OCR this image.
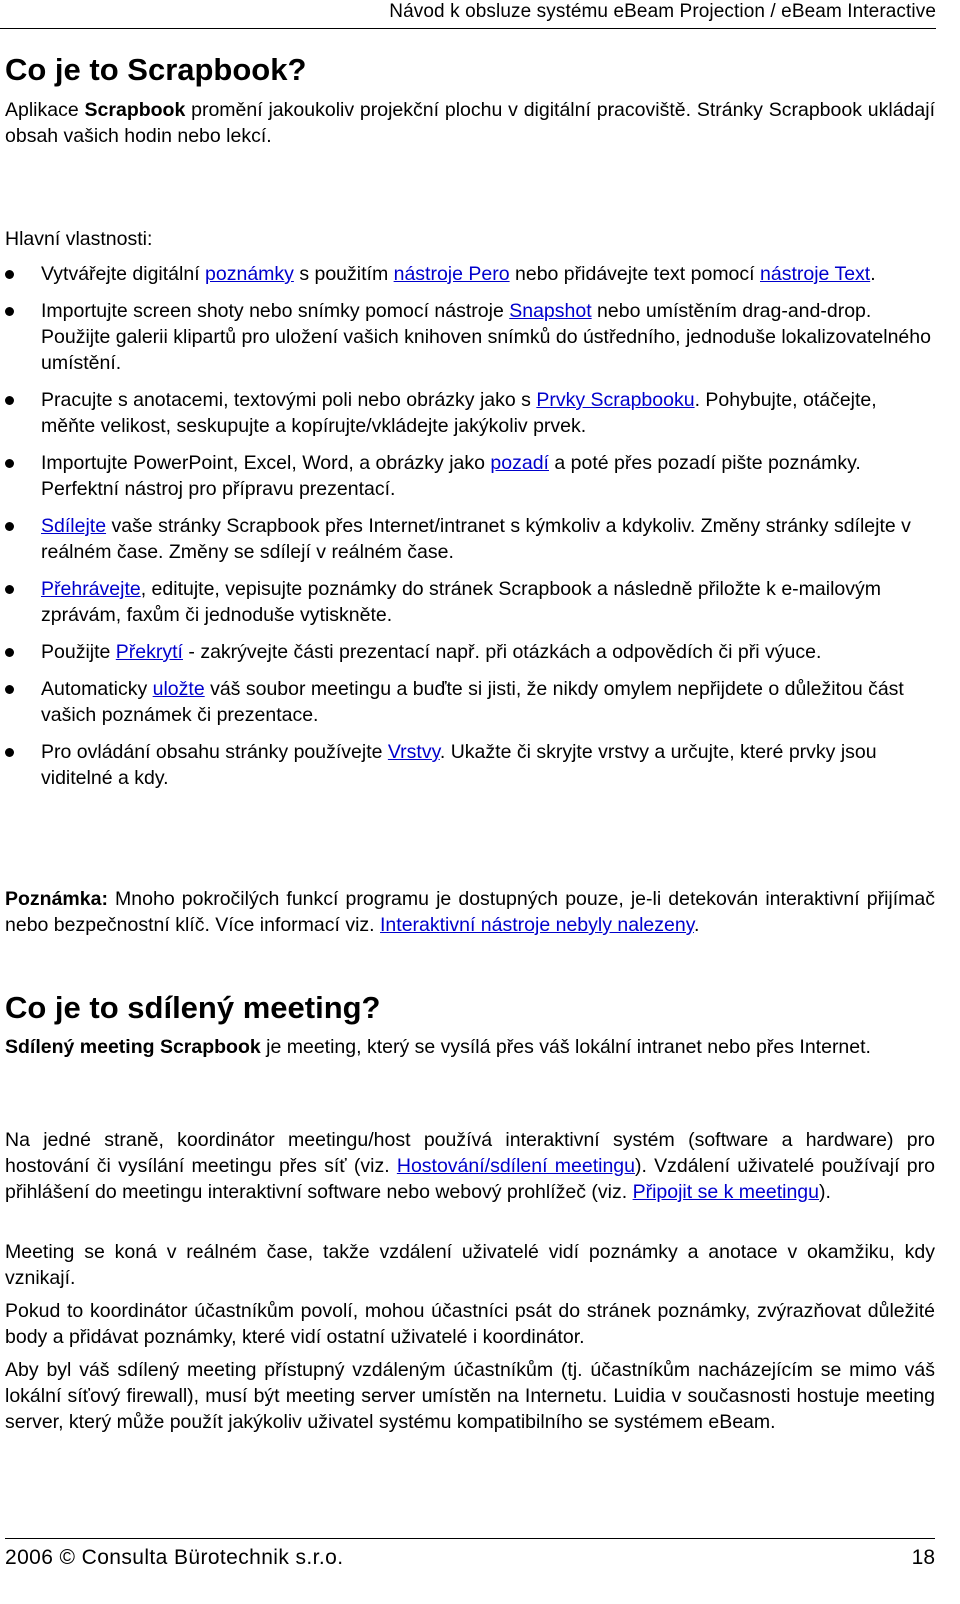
Návod k obsluze systému eBeam Projection / eBeam Interactive
Co je to Scrapbook?

Aplikace Scrapbook promění jakoukoliv projekční plochu v digitální pracoviště. Stránky Scrapbook ukládají obsah vašich hodin nebo lekcí.

Hlavní vlastnosti:

Vytvářejte digitální poznámky s použitím nástroje Pero nebo přidávejte text pomocí nástroje Text.
Importujte screen shoty nebo snímky pomocí nástroje Snapshot nebo umístěním drag-and-drop. Použijte galerii klipartů pro uložení vašich knihoven snímků do ústředního, jednoduše lokalizovatelného umístění.
Pracujte s anotacemi, textovými poli nebo obrázky jako s Prvky Scrapbooku. Pohybujte, otáčejte, měňte velikost, seskupujte a kopírujte/vkládejte jakýkoliv prvek.
Importujte PowerPoint, Excel, Word, a obrázky jako pozadí a poté přes pozadí pište poznámky. Perfektní nástroj pro přípravu prezentací.
Sdílejte vaše stránky Scrapbook přes Internet/intranet s kýmkoliv a kdykoliv. Změny stránky sdílejte v reálném čase. Změny se sdílejí v reálném čase.
Přehrávejte, editujte, vepisujte poznámky do stránek Scrapbook a následně přiložte k e-mailovým zprávám, faxům či jednoduše vytiskněte.
Použijte Překrytí - zakrývejte části prezentací např. při otázkách a odpovědích či při výuce.
Automaticky uložte váš soubor meetingu a buďte si jisti, že nikdy omylem nepřijdete o důležitou část vašich poznámek či prezentace.
Pro ovládání obsahu stránky používejte Vrstvy. Ukažte či skryjte vrstvy a určujte, které prvky jsou viditelné a kdy.

Poznámka: Mnoho pokročilých funkcí programu je dostupných pouze, je-li detekován interaktivní přijímač nebo bezpečnostní klíč. Více informací viz. Interaktivní nástroje nebyly nalezeny.

Co je to sdílený meeting?

Sdílený meeting Scrapbook je meeting, který se vysílá přes váš lokální intranet nebo přes Internet.

Na jedné straně, koordinátor meetingu/host používá interaktivní systém (software a hardware) pro hostování či vysílání meetingu přes síť (viz. Hostování/sdílení meetingu). Vzdálení uživatelé používají pro přihlášení do meetingu interaktivní software nebo webový prohlížeč (viz. Připojit se k meetingu).

Meeting se koná v reálném čase, takže vzdálení uživatelé vidí poznámky a anotace v okamžiku, kdy vznikají.

Pokud to koordinátor účastníkům povolí, mohou účastníci psát do stránek poznámky, zvýrazňovat důležité body a přidávat poznámky, které vidí ostatní uživatelé i koordinátor.

Aby byl váš sdílený meeting přístupný vzdáleným účastníkům (tj. účastníkům nacházejícím se mimo váš lokální síťový firewall), musí být meeting server umístěn na Internetu. Luidia v současnosti hostuje meeting server, který může použít jakýkoliv uživatel systému kompatibilního se systémem eBeam.

2006 © Consulta Bürotechnik s.r.o.	18
